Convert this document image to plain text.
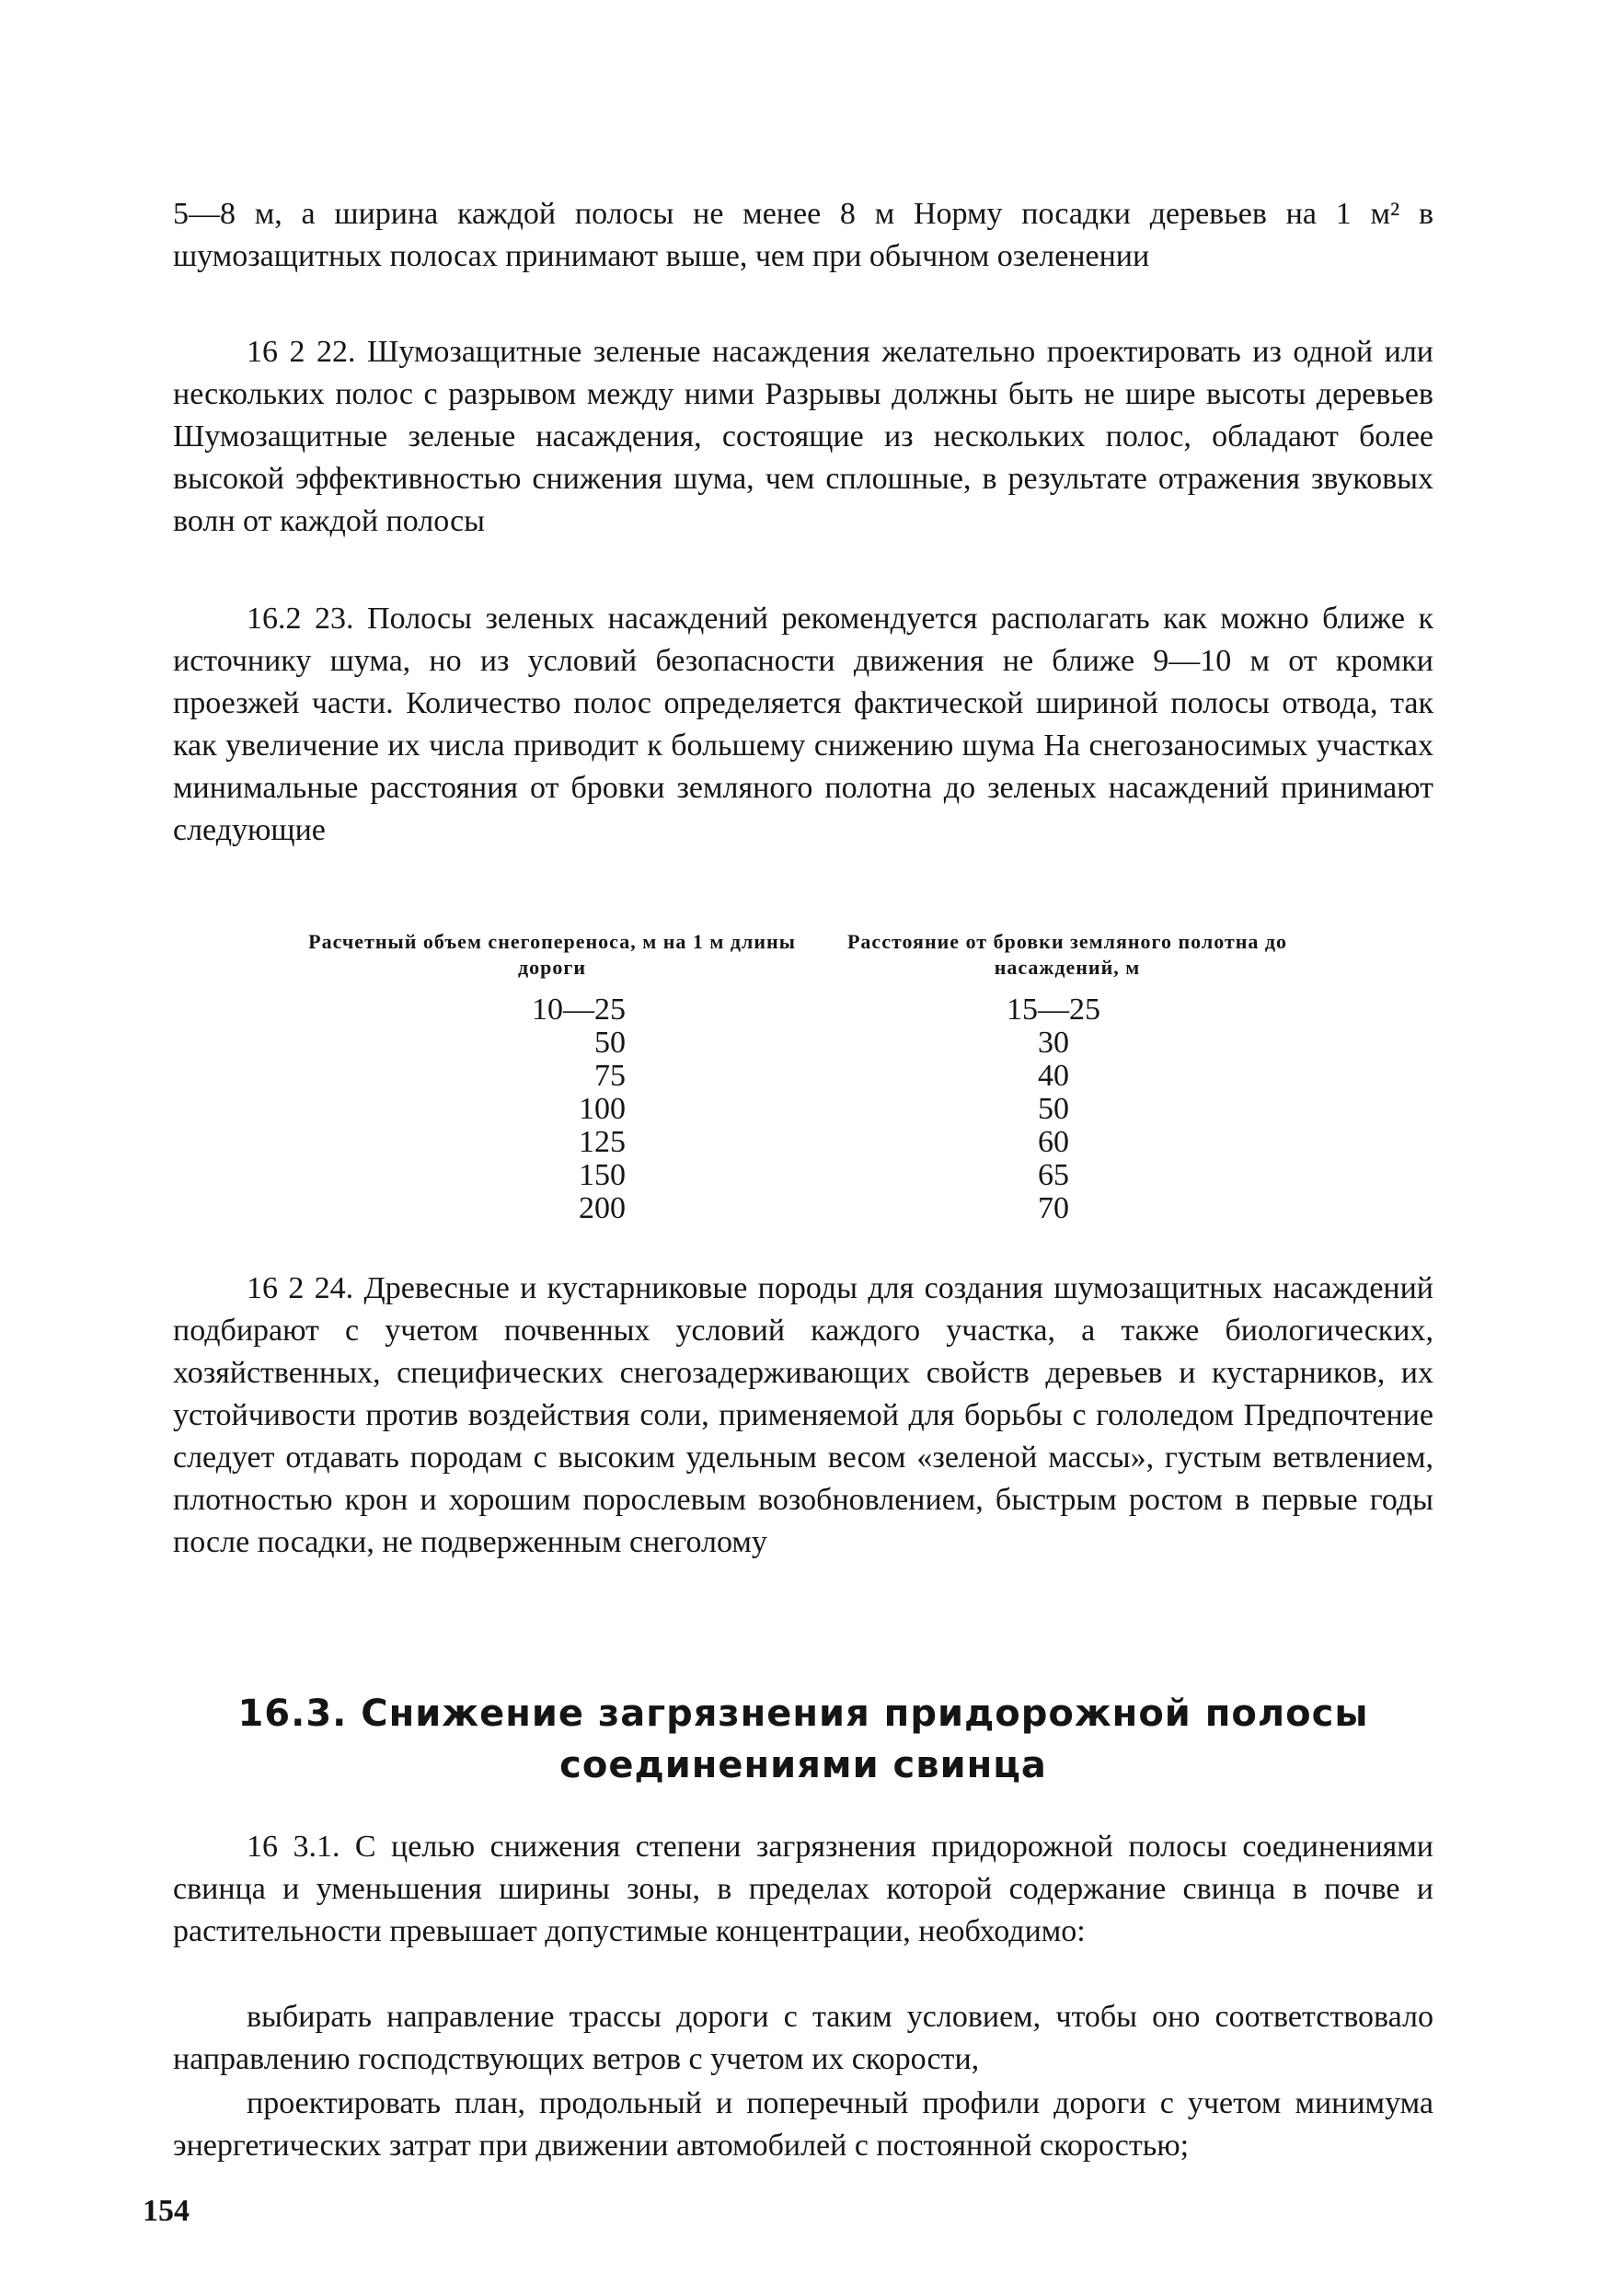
5—8 м, а ширина каждой полосы не менее 8 м Норму посадки деревьев на 1 м² в шумозащитных полосах принимают выше, чем при обычном озеленении

16 2 22. Шумозащитные зеленые насаждения желательно проектировать из одной или нескольких полос с разрывом между ними Разрывы должны быть не шире высоты деревьев Шумозащитные зеленые насаждения, состоящие из нескольких полос, обладают более высокой эффективностью снижения шума, чем сплошные, в результате отражения звуковых волн от каждой полосы

16.2 23. Полосы зеленых насаждений рекомендуется располагать как можно ближе к источнику шума, но из условий безопасности движения не ближе 9—10 м от кромки проезжей части. Количество полос определяется фактической шириной полосы отвода, так как увеличение их числа приводит к большему снижению шума На снегозаносимых участках минимальные расстояния от бровки земляного полотна до зеленых насаждений принимают следующие

Расчетный объем снегопереноса, м на 1 м длины дороги
Расстояние от бровки земляного полотна до насаждений, м
10—25	15—25
50	30
75	40
100	50
125	60
150	65
200	70

16 2 24. Древесные и кустарниковые породы для создания шумозащитных насаждений подбирают с учетом почвенных условий каждого участка, а также биологических, хозяйственных, специфических снегозадерживающих свойств деревьев и кустарников, их устойчивости против воздействия соли, применяемой для борьбы с гололедом Предпочтение следует отдавать породам с высоким удельным весом «зеленой массы», густым ветвлением, плотностью крон и хорошим порослевым возобновлением, быстрым ростом в первые годы после посадки, не подверженным снеголому

16.3. Снижение загрязнения придорожной полосы соединениями свинца

16 3.1. С целью снижения степени загрязнения придорожной полосы соединениями свинца и уменьшения ширины зоны, в пределах которой содержание свинца в почве и растительности превышает допустимые концентрации, необходимо:

выбирать направление трассы дороги с таким условием, чтобы оно соответствовало направлению господствующих ветров с учетом их скорости,

проектировать план, продольный и поперечный профили дороги с учетом минимума энергетических затрат при движении автомобилей с постоянной скоростью;

154
